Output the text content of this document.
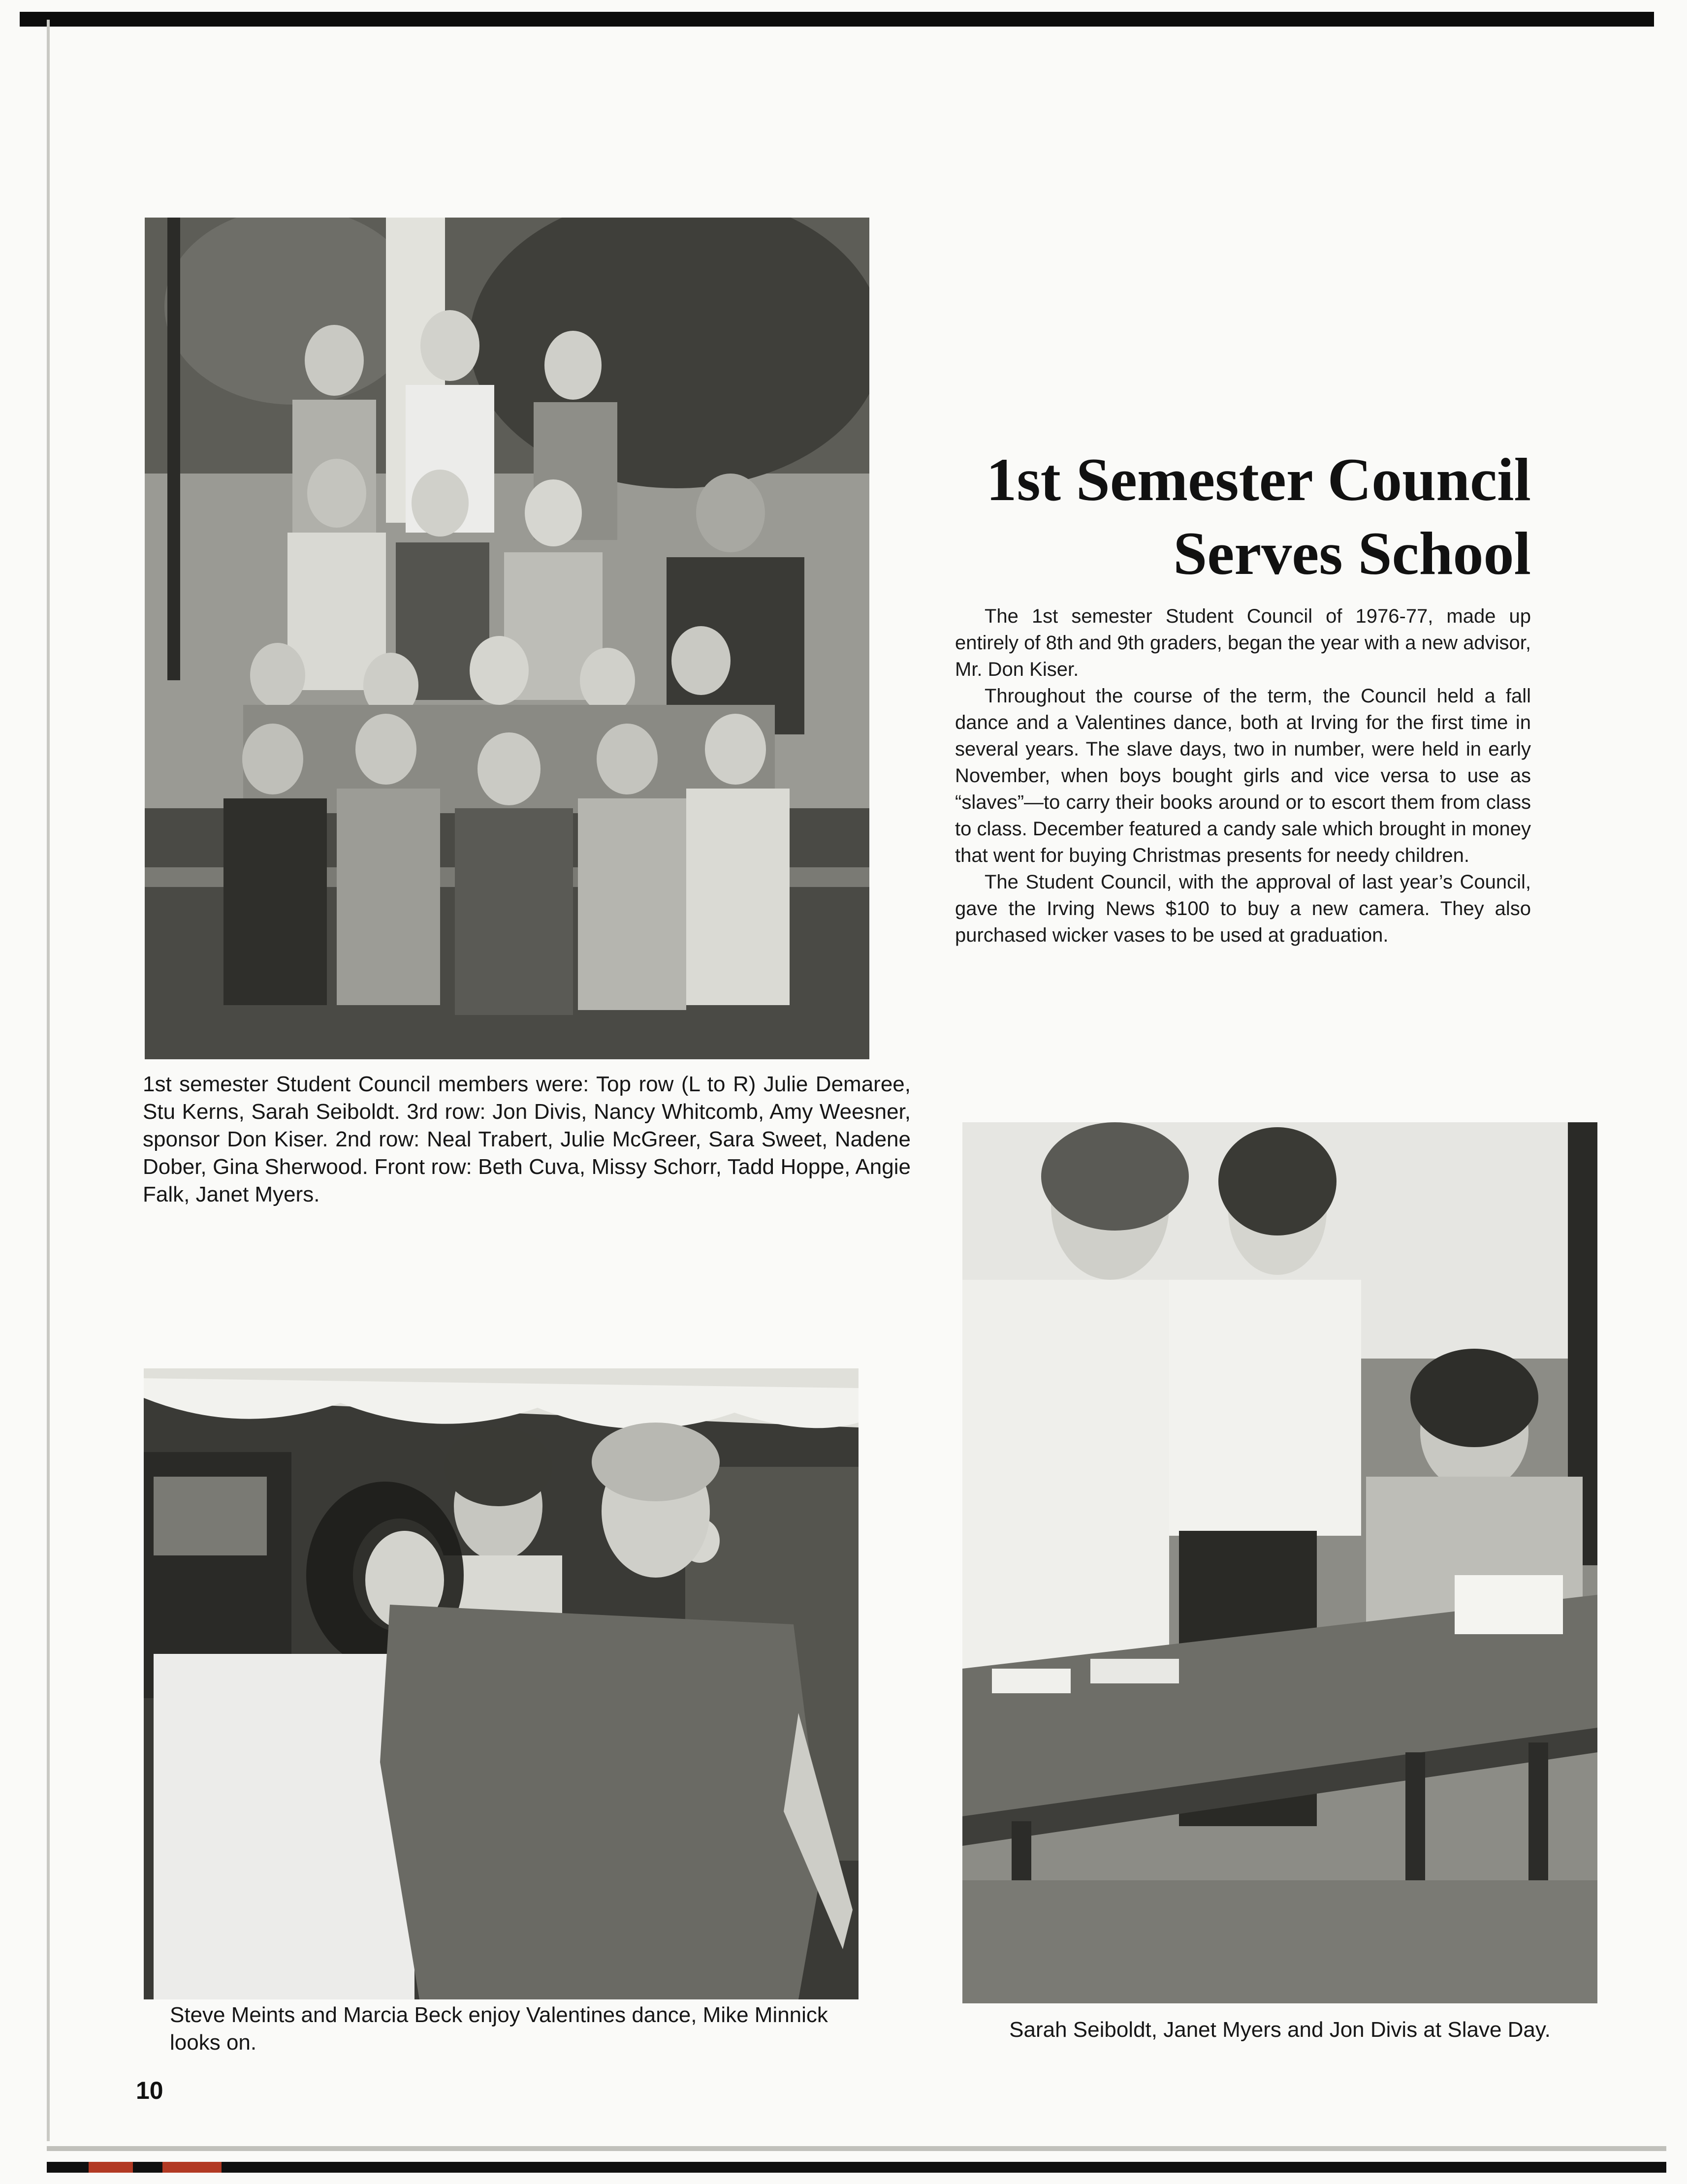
1st semester Student Council members were: Top row (L to R) Julie Demaree, Stu Kerns, Sarah Seiboldt. 3rd row: Jon Divis, Nancy Whitcomb, Amy Weesner, sponsor Don Kiser. 2nd row: Neal Trabert, Julie McGreer, Sara Sweet, Nadene Dober, Gina Sherwood. Front row: Beth Cuva, Missy Schorr, Tadd Hoppe, Angie Falk, Janet Myers.
1st Semester Council
Serves School

The 1st semester Student Council of 1976-77, made up entirely of 8th and 9th graders, began the year with a new advisor, Mr. Don Kiser.

Throughout the course of the term, the Council held a fall dance and a Valentines dance, both at Irving for the first time in several years. The slave days, two in number, were held in early November, when boys bought girls and vice versa to use as “slaves”—to carry their books around or to escort them from class to class. December featured a candy sale which brought in money that went for buying Christmas presents for needy children.

The Student Council, with the approval of last year’s Council, gave the Irving News $100 to buy a new camera. They also purchased wicker vases to be used at graduation.

Steve Meints and Marcia Beck enjoy Valentines dance, Mike Minnick looks on.
Sarah Seiboldt, Janet Myers and Jon Divis at Slave Day.
10
